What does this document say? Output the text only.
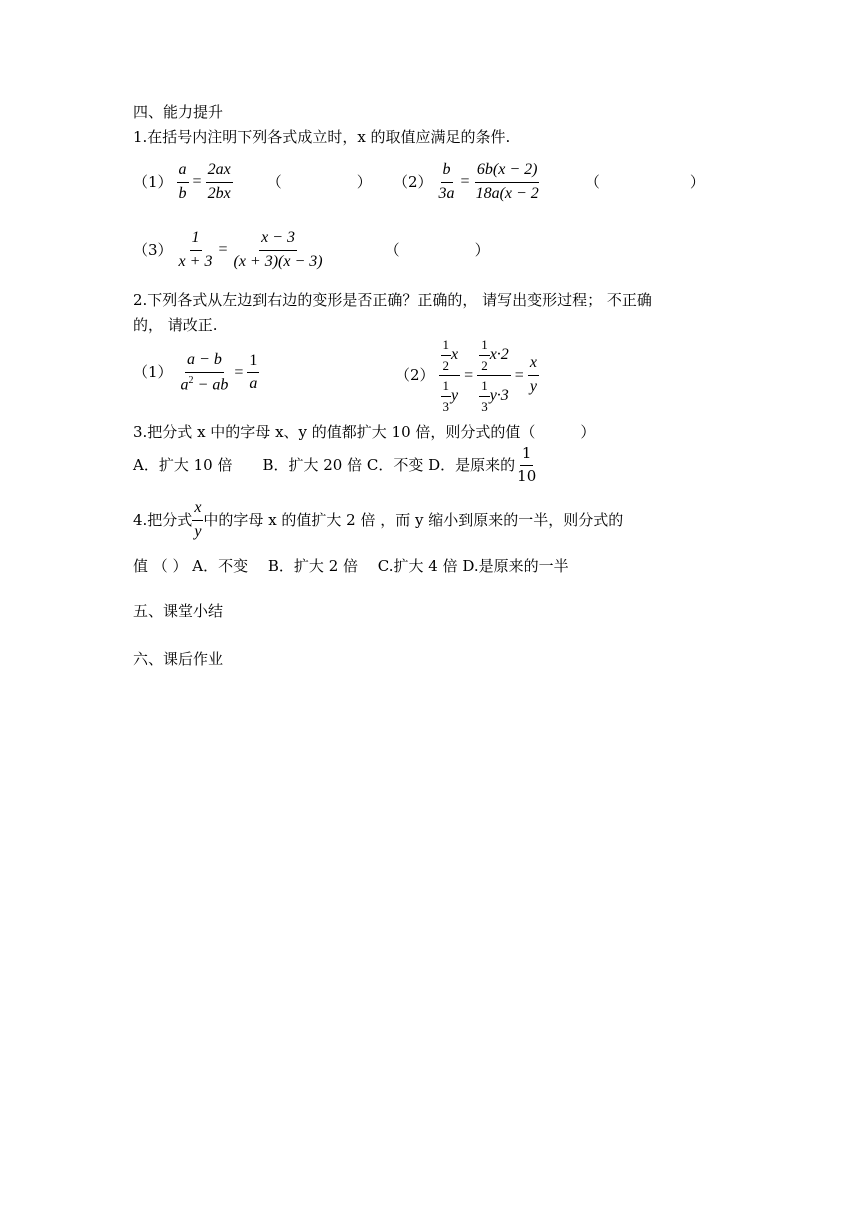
四、能力提升
1.在括号内注明下列各式成立时，x 的取值应满足的条件.
$(1) \frac{a}{b} = \frac{2ax}{2bx}$ （　　　　　） $(2) \frac{b}{3a} = \frac{6b(x - 2)}{18a(x - 2}$	（　　　　　　）
$(3) \frac{1}{x + 3} = \frac{x - 3}{(x + 3)(x - 3)}$	（　　　　　）
2.下列各式从左边到右边的变形是否正确？正确的， 请写出变形过程； 不正确
的， 请改正.
$(1) \frac{a - b}{a^2 - ab} = \frac{1}{a}$	$(2) \frac{\frac{1}{2} x}{\frac{1}{3} y} = \frac{\frac{1}{2} x\cdot 2}{\frac{1}{3} y\cdot 3} = \frac{x}{y}$
3.把分式 x 中的字母 x、y 的值都扩大 10 倍，则分式的值（　　　）
A．扩大 10 倍　　B．扩大 20 倍 C．不变 D．是原来的 $\frac{1}{10}$
4.把分式 $\frac{x}{y}$ 中的字母 x 的值扩大 2 倍 ，而 y 缩小到原来的一半，则分式的
值 （ ） A．不变　 B．扩大 2 倍　 C.扩大 4 倍 D.是原来的一半
五、课堂小结
六、课后作业
